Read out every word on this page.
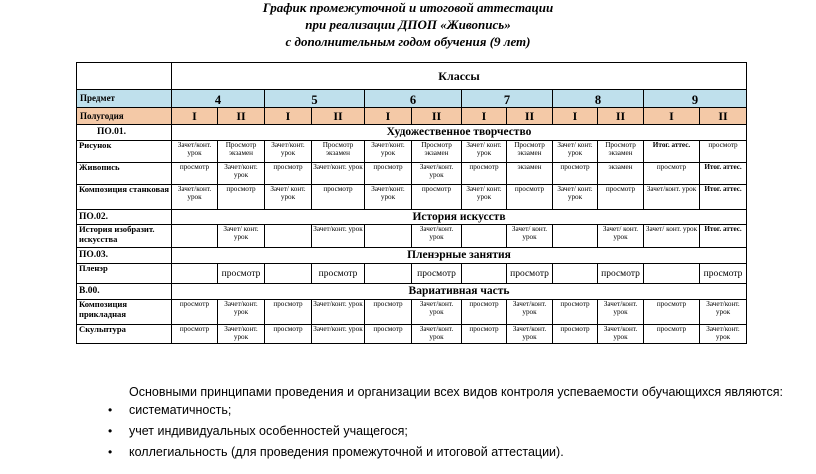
График промежуточной и итоговой аттестации
при реализации ДПОП «Живопись»
с дополнительным годом обучения (9 лет)
	Классы											
Предмет	4		5		6		7		8		9	
Полугодия	I	II	I	II	I	II	I	II	I	II	I	II
ПО.01.	Художественное творчество											
Рисунок	Зачет/конт. урок	Просмотр экзамен	Зачет/конт. урок	Просмотр экзамен	Зачет/конт. урок	Просмотр экзамен	Зачет/ конт. урок	Просмотр экзамен	Зачет/ конт. урок	Просмотр экзамен	Итог. аттес.	просмотр
Живопись	просмотр	Зачет/конт. урок	просмотр	Зачет/конт. урок	просмотр	Зачет/конт. урок	просмотр	экзамен	просмотр	экзамен	просмотр	Итог. аттес.
Композиция станковая	Зачет/конт. урок	просмотр	Зачет/ конт. урок	просмотр	Зачет/конт. урок	просмотр	Зачет/ конт. урок	просмотр	Зачет/ конт. урок	просмотр	Зачет/конт. урок	Итог. аттес.
ПО.02.	История искусств											
История изобразит. искусства		Зачет/ конт. урок		Зачет/конт. урок		Зачет/конт. урок		Зачет/ конт. урок		Зачет/ конт. урок	Зачет/ конт. урок	Итог. аттес.
ПО.03.	Пленэрные занятия											
Пленэр		просмотр		просмотр		просмотр		просмотр		просмотр		просмотр
В.00.	Вариативная часть											
Композиция прикладная	просмотр	Зачет/конт. урок	просмотр	Зачет/конт. урок	просмотр	Зачет/конт. урок	просмотр	Зачет/конт. урок	просмотр	Зачет/конт. урок	просмотр	Зачет/конт. урок
Скульптура	просмотр	Зачет/конт. урок	просмотр	Зачет/конт. урок	просмотр	Зачет/конт. урок	просмотр	Зачет/конт. урок	просмотр	Зачет/конт. урок	просмотр	Зачет/конт. урок
Основными принципами проведения и организации всех видов контроля успеваемости обучающихся являются:
• систематичность;
• учет индивидуальных особенностей учащегося;
• коллегиальность (для проведения промежуточной и итоговой аттестации).
